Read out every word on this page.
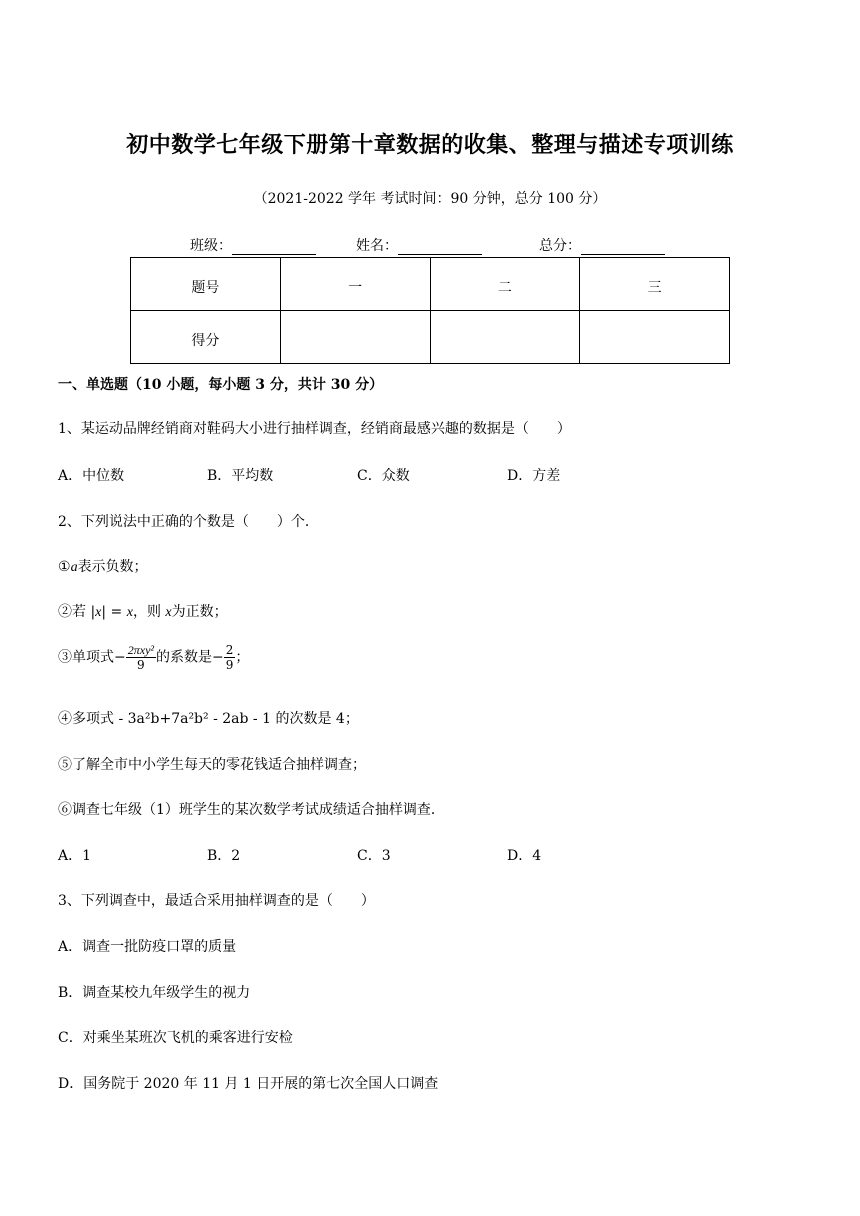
初中数学七年级下册第十章数据的收集、整理与描述专项训练
（2021-2022 学年 考试时间：90 分钟，总分 100 分）
班级：	姓名：	总分：
题号	一	二	三
得分			
一、单选题（10 小题，每小题 3 分，共计 30 分）
1、某运动品牌经销商对鞋码大小进行抽样调查，经销商最感兴趣的数据是（　　）
A．中位数	B．平均数	C．众数	D．方差
2、下列说法中正确的个数是（　　）个．
①a表示负数；
②若 |x| = x，则 x为正数；
③单项式− $\frac{\text{2πxy²}}{9}$ 的系数是− $\frac{2}{9}$ ；
④多项式 - 3a²b+7a²b² - 2ab - 1 的次数是 4；
⑤了解全市中小学生每天的零花钱适合抽样调查；
⑥调查七年级（1）班学生的某次数学考试成绩适合抽样调查．
A．1	B．2	C．3	D．4
3、下列调查中，最适合采用抽样调查的是（　　）
A．调查一批防疫口罩的质量
B．调查某校九年级学生的视力
C．对乘坐某班次飞机的乘客进行安检
D．国务院于 2020 年 11 月 1 日开展的第七次全国人口调查
